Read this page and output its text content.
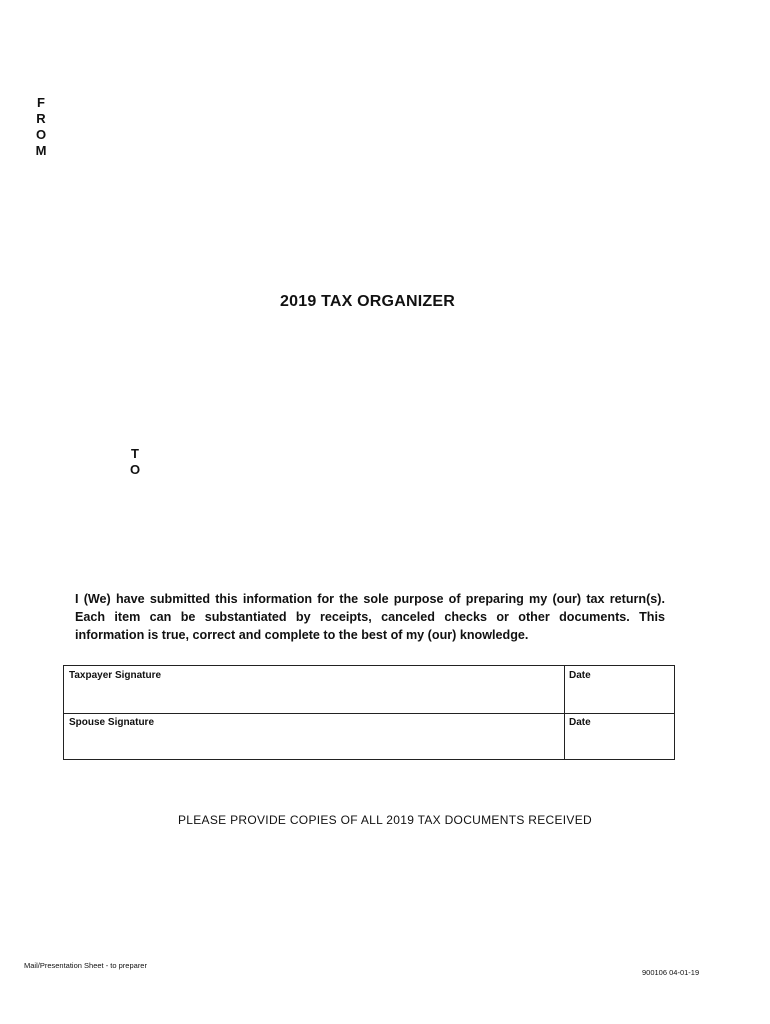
F
R
O
M
2019 TAX ORGANIZER
T
O
I (We) have submitted this information for the sole purpose of preparing my (our) tax return(s). Each item can be substantiated by receipts, canceled checks or other documents. This information is true, correct and complete to the best of my (our) knowledge.
Taxpayer Signature	Date
Spouse Signature	Date
PLEASE PROVIDE COPIES OF ALL 2019 TAX DOCUMENTS RECEIVED
Mail/Presentation Sheet - to preparer
900106 04-01-19
